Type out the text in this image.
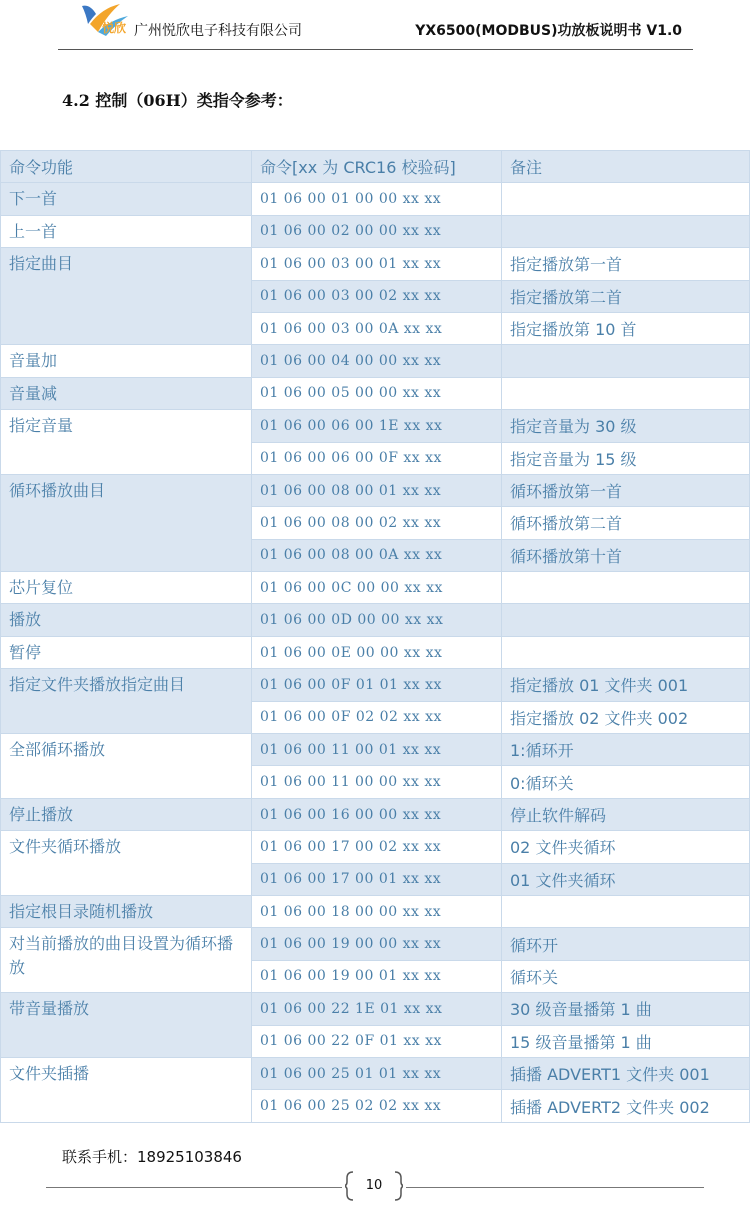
悦欣 广州悦欣电子科技有限公司	YX6500(MODBUS)功放板说明书 V1.0
4.2 控制（06H）类指令参考：
命令功能	命令[xx 为 CRC16 校验码]	备注
下一首	01 06 00 01 00 00 xx xx	
上一首	01 06 00 02 00 00 xx xx	
指定曲目	01 06 00 03 00 01 xx xx	指定播放第一首
	01 06 00 03 00 02 xx xx	指定播放第二首
	01 06 00 03 00 0A xx xx	指定播放第 10 首
音量加	01 06 00 04 00 00 xx xx	
音量减	01 06 00 05 00 00 xx xx	
指定音量	01 06 00 06 00 1E xx xx	指定音量为 30 级
	01 06 00 06 00 0F xx xx	指定音量为 15 级
循环播放曲目	01 06 00 08 00 01 xx xx	循环播放第一首
	01 06 00 08 00 02 xx xx	循环播放第二首
	01 06 00 08 00 0A xx xx	循环播放第十首
芯片复位	01 06 00 0C 00 00 xx xx	
播放	01 06 00 0D 00 00 xx xx	
暂停	01 06 00 0E 00 00 xx xx	
指定文件夹播放指定曲目	01 06 00 0F 01 01 xx xx	指定播放 01 文件夹 001
	01 06 00 0F 02 02 xx xx	指定播放 02 文件夹 002
全部循环播放	01 06 00 11 00 01 xx xx	1:循环开
	01 06 00 11 00 00 xx xx	0:循环关
停止播放	01 06 00 16 00 00 xx xx	停止软件解码
文件夹循环播放	01 06 00 17 00 02 xx xx	02 文件夹循环
	01 06 00 17 00 01 xx xx	01 文件夹循环
指定根目录随机播放	01 06 00 18 00 00 xx xx	
对当前播放的曲目设置为循环播放	01 06 00 19 00 00 xx xx	循环开
	01 06 00 19 00 01 xx xx	循环关
带音量播放	01 06 00 22 1E 01 xx xx	30 级音量播第 1 曲
	01 06 00 22 0F 01 xx xx	15 级音量播第 1 曲
文件夹插播	01 06 00 25 01 01 xx xx	插播 ADVERT1 文件夹 001
	01 06 00 25 02 02 xx xx	插播 ADVERT2 文件夹 002
联系手机：18925103846
10
